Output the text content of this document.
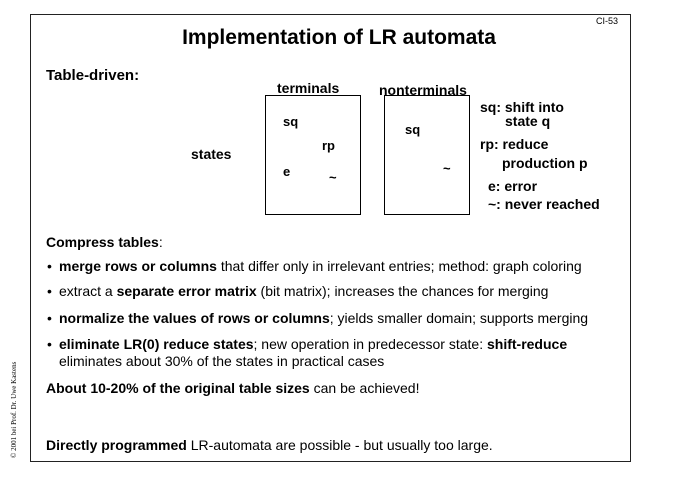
CI-53
Implementation of LR automata
Table-driven:
terminals
sq
rp
e	~
nonterminals
sq
~
states
sq: shift into
state q
rp: reduce
production p
e: error
~: never reached
Compress tables:
• merge rows or columns that differ only in irrelevant entries; method: graph coloring
• extract a separate error matrix (bit matrix); increases the chances for merging
• normalize the values of rows or columns; yields smaller domain; supports merging
• eliminate LR(0) reduce states; new operation in predecessor state: shift-reduce
eliminates about 30% of the states in practical cases
About 10-20% of the original table sizes can be achieved!
Directly programmed LR-automata are possible - but usually too large.
© 2001 bei Prof. Dr. Uwe Kastens
